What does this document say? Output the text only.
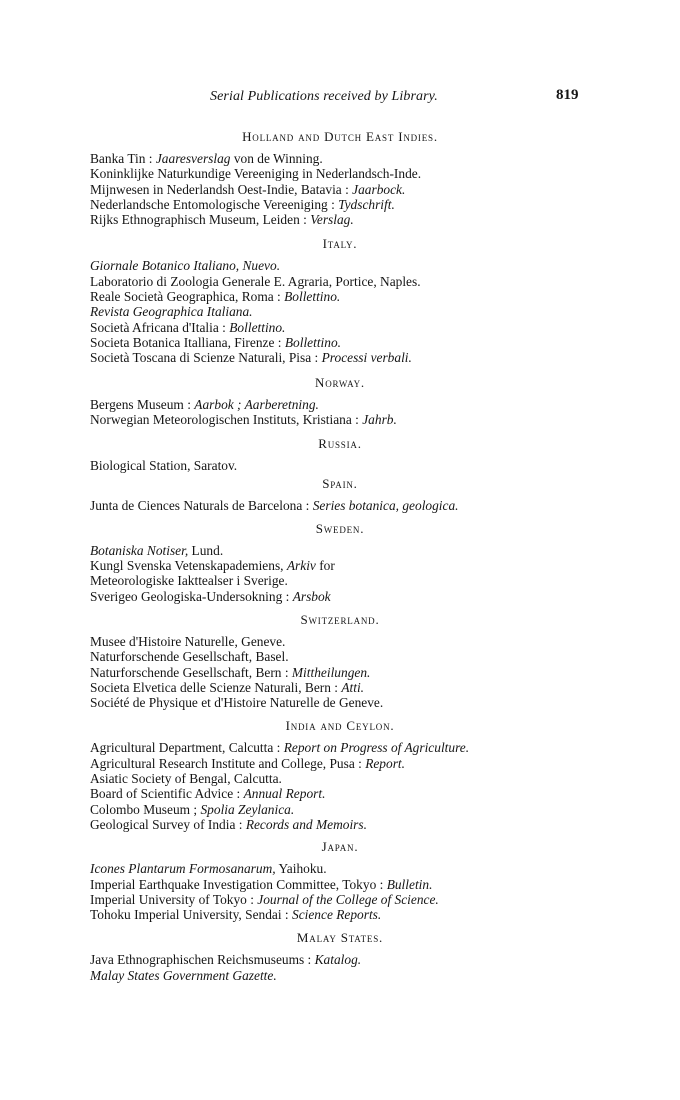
Serial Publications received by Library.	819
Holland and Dutch East Indies.
Banka Tin : Jaaresverslag von de Winning.
Koninklijke Naturkundige Vereeniging in Nederlandsch-Inde.
Mijnwesen in Nederlandsh Oest-Indie, Batavia : Jaarbock.
Nederlandsche Entomologische Vereeniging : Tydschrift.
Rijks Ethnographisch Museum, Leiden : Verslag.
Italy.
Giornale Botanico Italiano, Nuevo.
Laboratorio di Zoologia Generale E. Agraria, Portice, Naples.
Reale Società Geographica, Roma : Bollettino.
Revista Geographica Italiana.
Società Africana d'Italia : Bollettino.
Societa Botanica Italliana, Firenze : Bollettino.
Società Toscana di Scienze Naturali, Pisa : Processi verbali.
Norway.
Bergens Museum : Aarbok ; Aarberetning.
Norwegian Meteorologischen Instituts, Kristiana : Jahrb.
Russia.
Biological Station, Saratov.
Spain.
Junta de Ciences Naturals de Barcelona : Series botanica, geologica.
Sweden.
Botaniska Notiser, Lund.
Kungl Svenska Vetenskapademiens, Arkiv for
Meteorologiske Iakttealser i Sverige.
Sverigeo Geologiska-Undersokning : Arsbok
Switzerland.
Musee d'Histoire Naturelle, Geneve.
Naturforschende Gesellschaft, Basel.
Naturforschende Gesellschaft, Bern : Mittheilungen.
Societa Elvetica delle Scienze Naturali, Bern : Atti.
Société de Physique et d'Histoire Naturelle de Geneve.
India and Ceylon.
Agricultural Department, Calcutta : Report on Progress of Agriculture.
Agricultural Research Institute and College, Pusa : Report.
Asiatic Society of Bengal, Calcutta.
Board of Scientific Advice : Annual Report.
Colombo Museum ; Spolia Zeylanica.
Geological Survey of India : Records and Memoirs.
Japan.
Icones Plantarum Formosanarum, Yaihoku.
Imperial Earthquake Investigation Committee, Tokyo : Bulletin.
Imperial University of Tokyo : Journal of the College of Science.
Tohoku Imperial University, Sendai : Science Reports.
Malay States.
Java Ethnographischen Reichsmuseums : Katalog.
Malay States Government Gazette.
